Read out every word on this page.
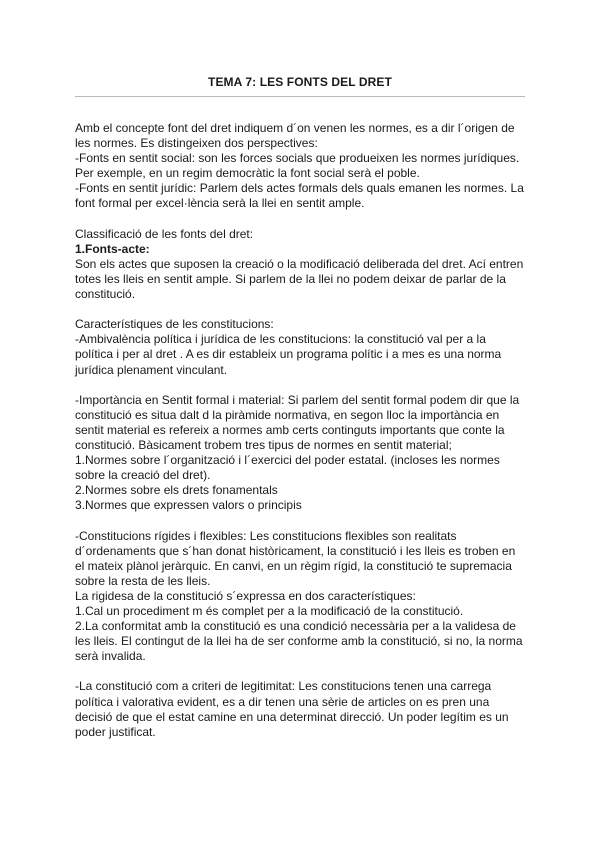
TEMA 7: LES FONTS DEL DRET

Amb el concepte font del dret indiquem d´on venen les normes, es a dir l´origen de

les normes. Es distingeixen dos perspectives:

-Fonts en sentit social: son les forces socials que produeixen les normes jurídiques.

Per exemple, en un regim democràtic la font social serà el poble.

-Fonts en sentit jurídic: Parlem dels actes formals dels quals emanen les normes. La

font formal per excel·lència serà la llei en sentit ample.

Classificació de les fonts del dret:

1.Fonts-acte:

Son els actes que suposen la creació o la modificació deliberada del dret. Ací entren

totes les lleis en sentit ample. Si parlem de la llei no podem deixar de parlar de la

constitució.

Característiques de les constitucions:

-Ambivalència política i jurídica de les constitucions: la constitució val per a la

política i per al dret . A es dir estableix un programa polític i a mes es una norma

jurídica plenament vinculant.

-Importància en Sentit formal i material: Si parlem del sentit formal podem dir que la

constitució es situa dalt d la piràmide normativa, en segon lloc la importància en

sentit material es refereix a normes amb certs continguts importants que conte la

constitució. Bàsicament trobem tres tipus de normes en sentit material;

1.Normes sobre l´organització i l´exercici del poder estatal. (incloses les normes

sobre la creació del dret).

2.Normes sobre els drets fonamentals

3.Normes que expressen valors o principis

-Constitucions rígides i flexibles: Les constitucions flexibles son realitats

d´ordenaments que s´han donat històricament, la constitució i les lleis es troben en

el mateix plànol jeràrquic. En canvi, en un règim rígid, la constitució te supremacia

sobre la resta de les lleis.

La rigidesa de la constitució s´expressa en dos característiques:

1.Cal un procediment m és complet per a la modificació de la constitució.

2.La conformitat amb la constitució es una condició necessària per a la validesa de

les lleis. El contingut de la llei ha de ser conforme amb la constitució, si no, la norma

serà invalida.

-La constitució com a criteri de legitimitat: Les constitucions tenen una carrega

política i valorativa evident, es a dir tenen una sèrie de articles on es pren una

decisió de que el estat camine en una determinat direcció. Un poder legítim es un

poder justificat.
